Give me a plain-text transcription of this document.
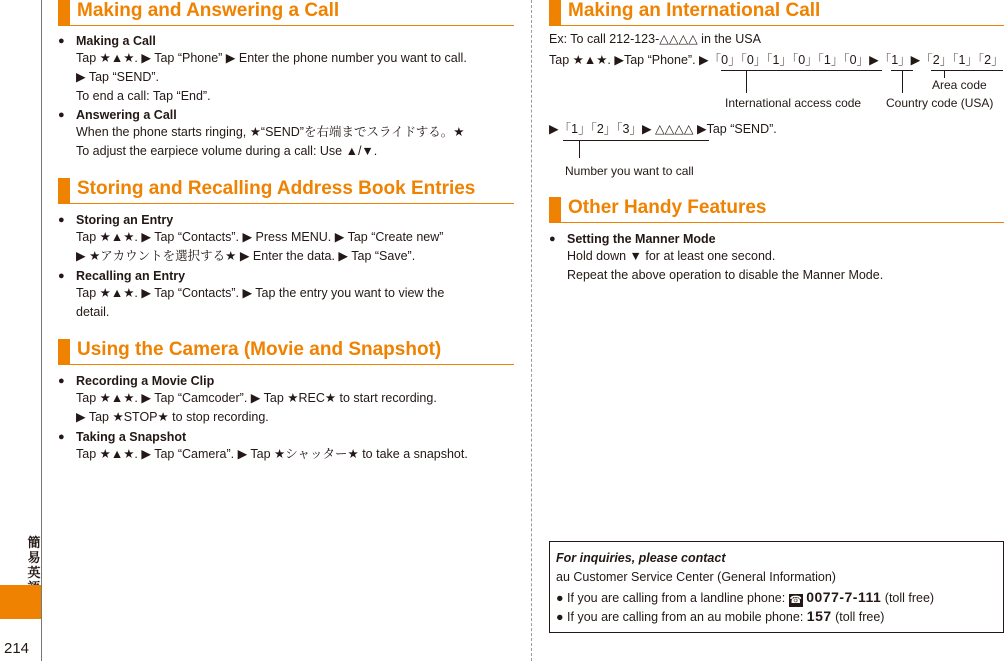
簡易英
214
Making and Answering a Call
● Making a Call
Tap ★▲★. ▶ Tap “Phone” ▶ Enter the phone number you want to call.
▶ Tap “SEND”.
To end a call: Tap “End”.
● Answering a Call
When the phone starts ringing, ★“SEND”を右端までスライドする。★
To adjust the earpiece volume during a call: Use ▲/▼.
Storing and Recalling Address Book Entries
● Storing an Entry
Tap ★▲★. ▶ Tap “Contacts”. ▶ Press MENU. ▶ Tap “Create new”
▶ ★アカウントを選択する★ ▶ Enter the data. ▶ Tap “Save”.
● Recalling an Entry
Tap ★▲★. ▶ Tap “Contacts”. ▶ Tap the entry you want to view the
detail.
Using the Camera (Movie and Snapshot)
● Recording a Movie Clip
Tap ★▲★. ▶ Tap “Camcoder”. ▶ Tap ★REC★ to start recording.
▶ Tap ★STOP★ to stop recording.
● Taking a Snapshot
Tap ★▲★. ▶ Tap “Camera”. ▶ Tap ★シャッター★ to take a snapshot.
Making an International Call
Ex: To call 212-123-△△△△ in the USA
Tap ★▲★. ▶Tap “Phone”. ▶「0」「0」「1」「0」「1」「0」▶「1」▶「2」「1」「2」
Area code
International access code Country code (USA)
▶「1」「2」「3」▶ △△△△ ▶Tap “SEND”.
Number you want to call
Other Handy Features
● Setting the Manner Mode
Hold down ▼ for at least one second.
Repeat the above operation to disable the Manner Mode.
For inquiries, please contact
au Customer Service Center (General Information)
● If you are calling from a landline phone: ☎ 0077-7-111 (toll free)
● If you are calling from an au mobile phone: 157 (toll free)
